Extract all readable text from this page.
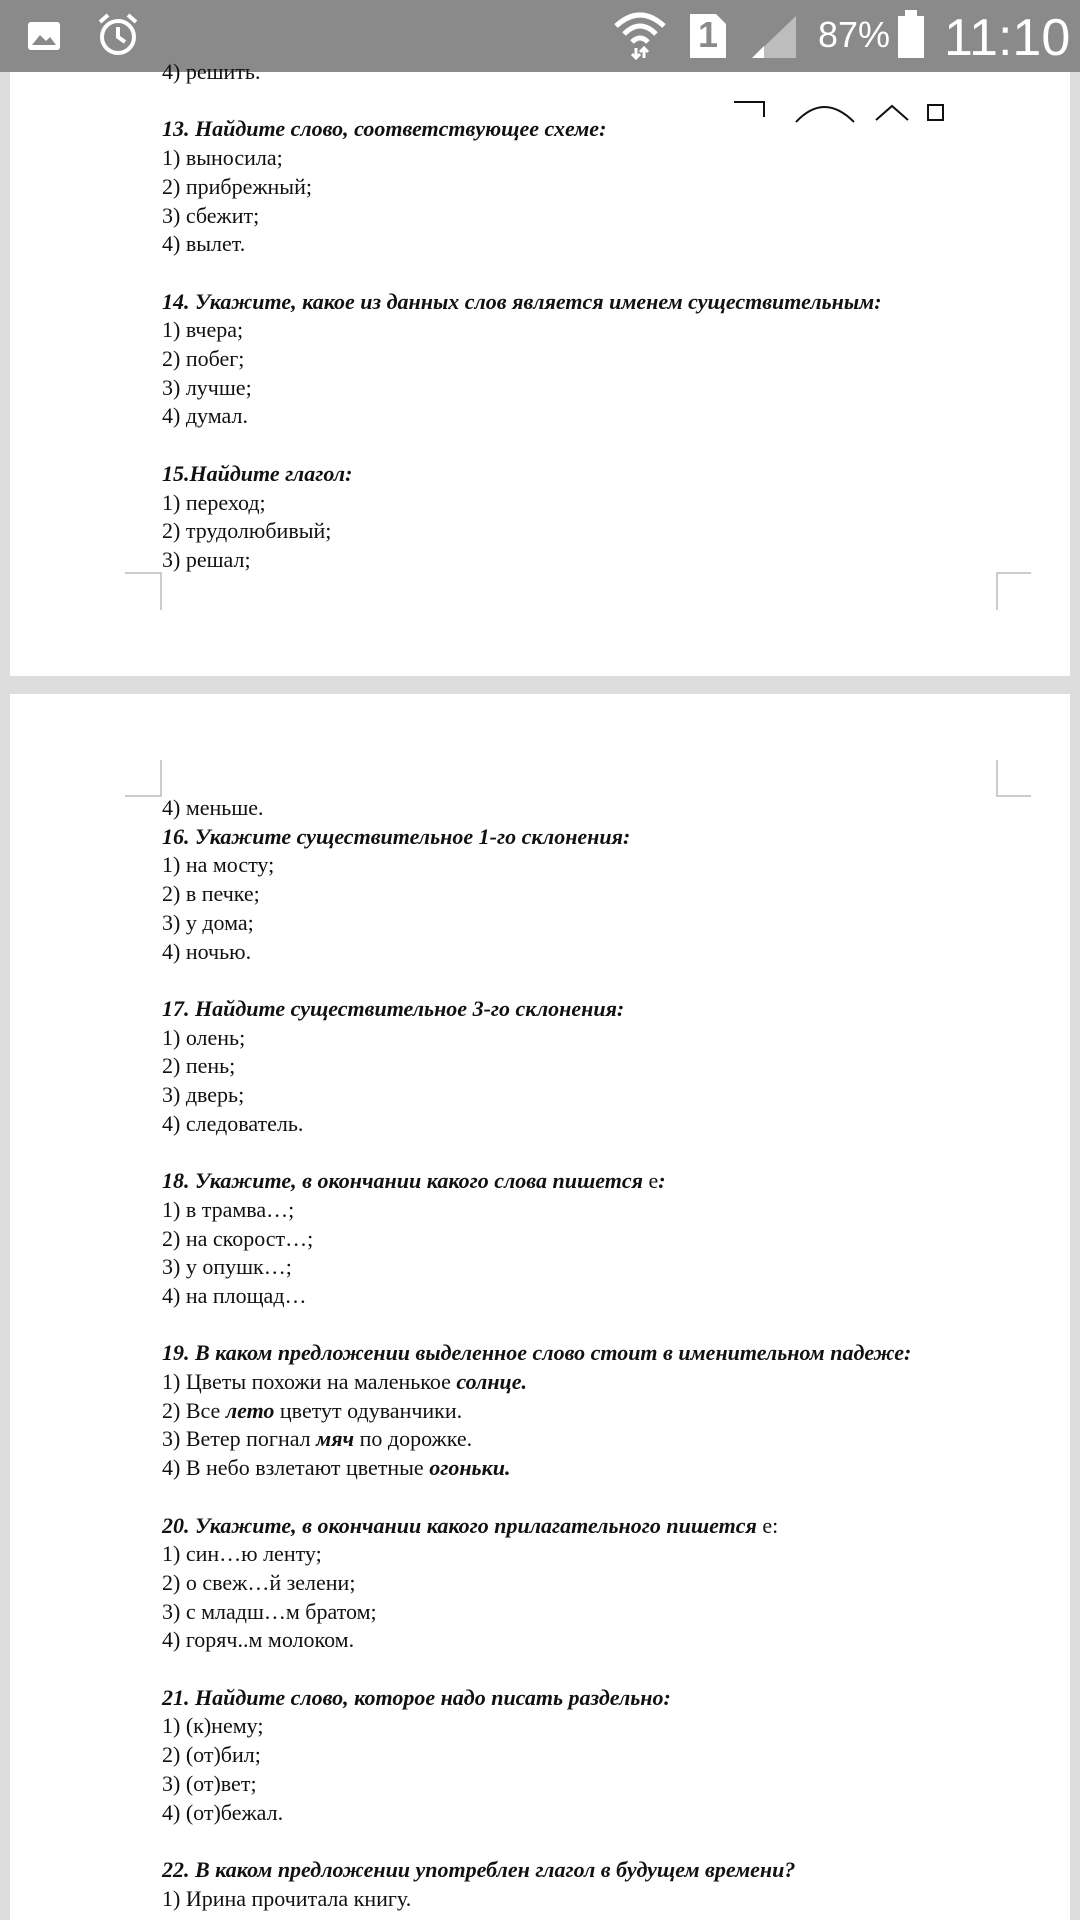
1	87% 11:10
4) решить.
13. Найдите слово, соответствующее схеме:
1) выносила;
2) прибрежный;
3) сбежит;
4) вылет.
14. Укажите, какое из данных слов является именем существительным:
1) вчера;
2) побег;
3) лучше;
4) думал.
15.Найдите глагол:
1) переход;
2) трудолюбивый;
3) решал;
4) меньше.
16. Укажите существительное 1-го склонения:
1) на мосту;
2) в печке;
3) у дома;
4) ночью.
17. Найдите существительное 3-го склонения:
1) олень;
2) пень;
3) дверь;
4) следователь.
18. Укажите, в окончании какого слова пишется е:
1) в трамва…;
2) на скорост…;
3) у опушк…;
4) на площад…
19. В каком предложении выделенное слово стоит в именительном падеже:
1) Цветы похожи на маленькое солнце.
2) Все лето цветут одуванчики.
3) Ветер погнал мяч по дорожке.
4) В небо взлетают цветные огоньки.
20. Укажите, в окончании какого прилагательного пишется е:
1) син…ю ленту;
2) о свеж…й зелени;
3) с младш…м братом;
4) горяч..м молоком.
21. Найдите слово, которое надо писать раздельно:
1) (к)нему;
2) (от)бил;
3) (от)вет;
4) (от)бежал.
22. В каком предложении употреблен глагол в будущем времени?
1) Ирина прочитала книгу.
